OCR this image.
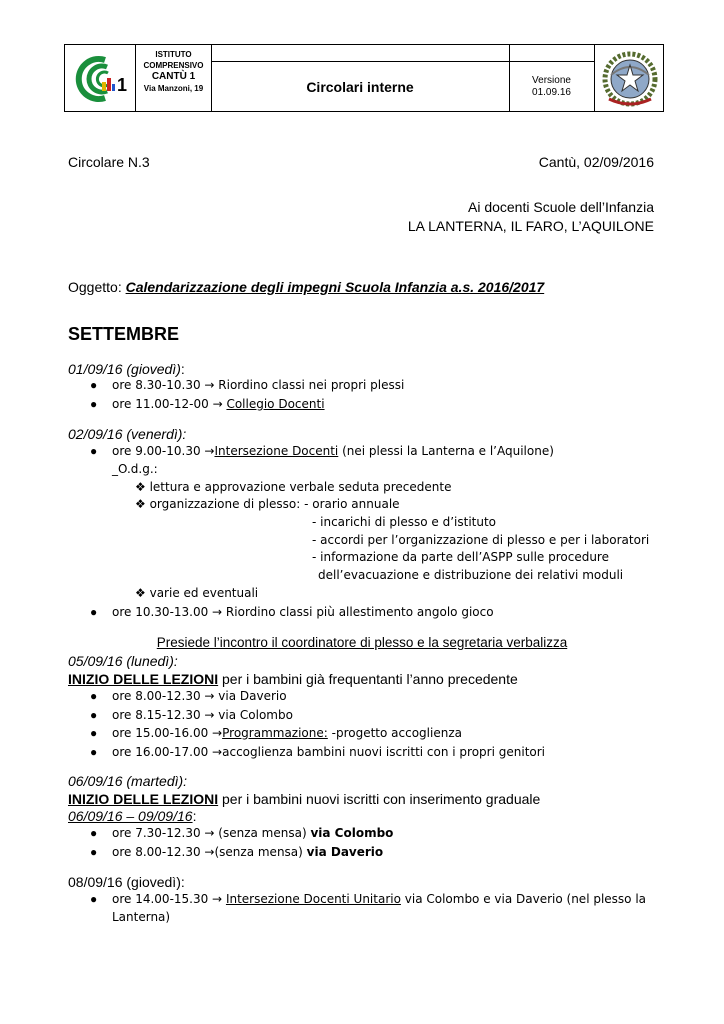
1
ISTITUTO
COMPRENSIVO
CANTÙ 1
Via Manzoni, 19	Circolari interne	Versione
01.09.16
Circolare N.3	Cantù, 02/09/2016
Ai docenti Scuole dell’Infanzia
LA LANTERNA, IL FARO, L’AQUILONE
Oggetto: Calendarizzazione degli impegni Scuola Infanzia a.s. 2016/2017
SETTEMBRE
01/09/16 (giovedì):
● ore 8.30-10.30 → Riordino classi nei propri plessi
● ore 11.00-12-00 → Collegio Docenti
02/09/16 (venerdì):
● ore 9.00-10.30 →Intersezione Docenti (nei plessi la Lanterna e l’Aquilone)
_O.d.g.:
❖ lettura e approvazione verbale seduta precedente
❖ organizzazione di plesso: - orario annuale
- incarichi di plesso e d’istituto
- accordi per l’organizzazione di plesso e per i laboratori
- informazione da parte dell’ASPP sulle procedure
dell’evacuazione e distribuzione dei relativi moduli
❖ varie ed eventuali
● ore 10.30-13.00 → Riordino classi più allestimento angolo gioco
Presiede l’incontro il coordinatore di plesso e la segretaria verbalizza
05/09/16 (lunedì):
INIZIO DELLE LEZIONI per i bambini già frequentanti l’anno precedente
● ore 8.00-12.30 → via Daverio
● ore 8.15-12.30 → via Colombo
● ore 15.00-16.00 →Programmazione: -progetto accoglienza
● ore 16.00-17.00 →accoglienza bambini nuovi iscritti con i propri genitori
06/09/16 (martedì):
INIZIO DELLE LEZIONI per i bambini nuovi iscritti con inserimento graduale
06/09/16 – 09/09/16:
● ore 7.30-12.30 → (senza mensa) via Colombo
● ore 8.00-12.30 →(senza mensa) via Daverio
08/09/16 (giovedì):
● ore 14.00-15.30 → Intersezione Docenti Unitario via Colombo e via Daverio (nel plesso la
Lanterna)
